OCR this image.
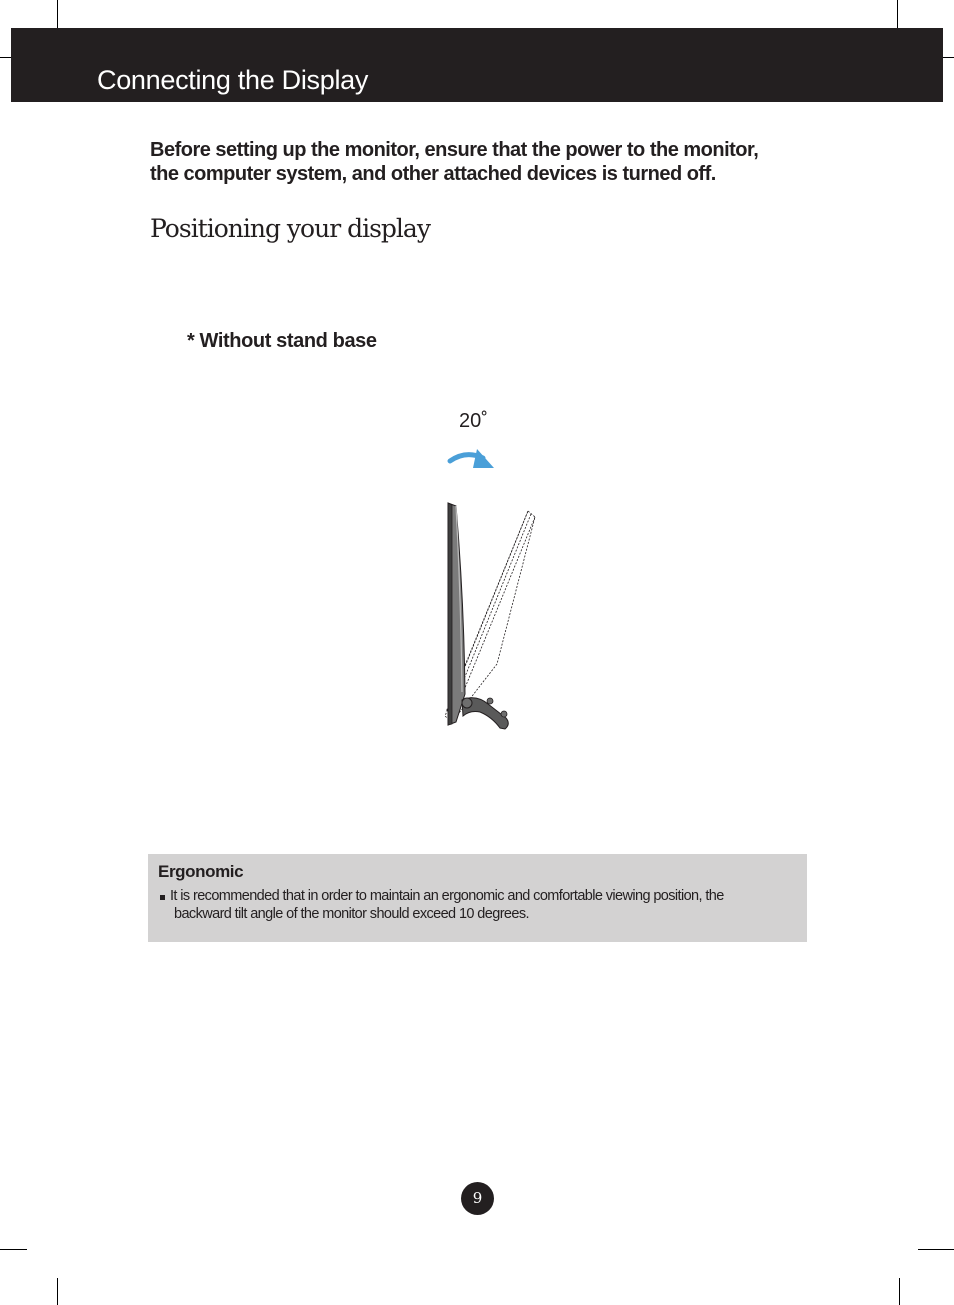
Connecting the Display
Before setting up the monitor, ensure that the power to the monitor,
the computer system, and other attached devices is turned off.
Positioning your display
* Without stand base
20˚
Ergonomic
It is recommended that in order to maintain an ergonomic and comfortable viewing position, the
backward tilt angle of the monitor should exceed 10 degrees.
9
